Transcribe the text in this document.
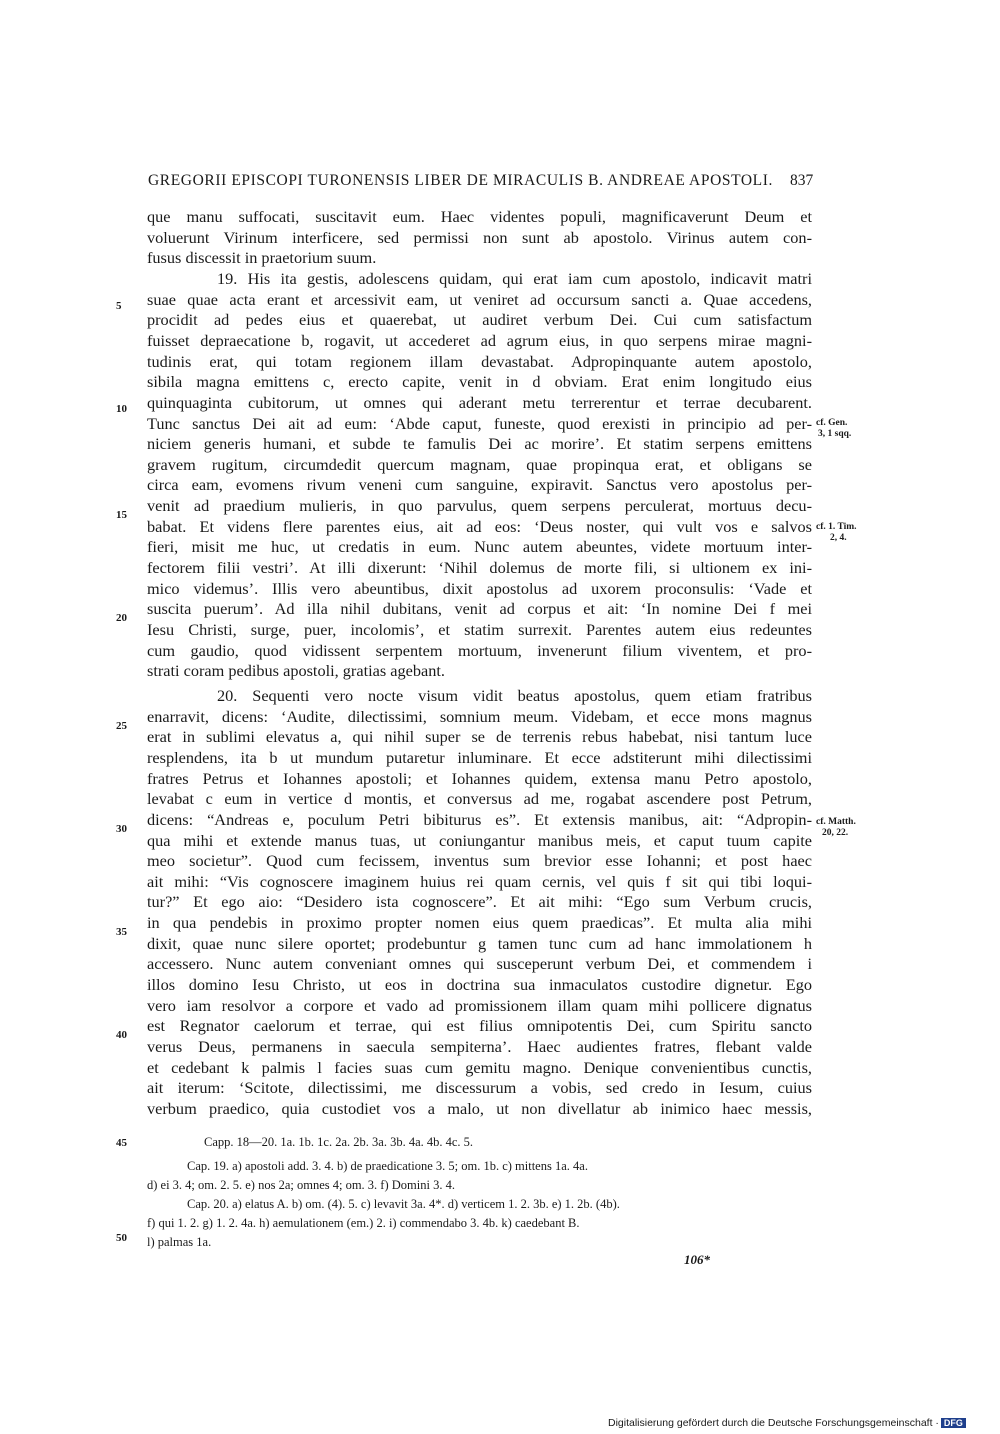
GREGORII EPISCOPI TURONENSIS LIBER DE MIRACULIS B. ANDREAE APOSTOLI. 837
que manu suffocati, suscitavit eum. Haec videntes populi, magnificaverunt Deum et
voluerunt Virinum interficere, sed permissi non sunt ab apostolo. Virinus autem con-
fusus discessit in praetorium suum.
19. His ita gestis, adolescens quidam, qui erat iam cum apostolo, indicavit matri
suae quae acta erant et arcessivit eam, ut veniret ad occursum sancti a. Quae accedens,
procidit ad pedes eius et quaerebat, ut audiret verbum Dei. Cui cum satisfactum
fuisset depraecatione b, rogavit, ut accederet ad agrum eius, in quo serpens mirae magni-
tudinis erat, qui totam regionem illam devastabat. Adpropinquante autem apostolo,
sibila magna emittens c, erecto capite, venit in d obviam. Erat enim longitudo eius
quinquaginta cubitorum, ut omnes qui aderant metu terrerentur et terrae decubarent.
Tunc sanctus Dei ait ad eum: ‘Abde caput, funeste, quod erexisti in principio ad per-
niciem generis humani, et subde te famulis Dei ac morire’. Et statim serpens emittens
gravem rugitum, circumdedit quercum magnam, quae propinqua erat, et obligans se
circa eam, evomens rivum veneni cum sanguine, expiravit. Sanctus vero apostolus per-
venit ad praedium mulieris, in quo parvulus, quem serpens perculerat, mortuus decu-
babat. Et videns flere parentes eius, ait ad eos: ‘Deus noster, qui vult vos e salvos
fieri, misit me huc, ut credatis in eum. Nunc autem abeuntes, videte mortuum inter-
fectorem filii vestri’. At illi dixerunt: ‘Nihil dolemus de morte fili, si ultionem ex ini-
mico videmus’. Illis vero abeuntibus, dixit apostolus ad uxorem proconsulis: ‘Vade et
suscita puerum’. Ad illa nihil dubitans, venit ad corpus et ait: ‘In nomine Dei f mei
Iesu Christi, surge, puer, incolomis’, et statim surrexit. Parentes autem eius redeuntes
cum gaudio, quod vidissent serpentem mortuum, invenerunt filium viventem, et pro-
strati coram pedibus apostoli, gratias agebant.
20. Sequenti vero nocte visum vidit beatus apostolus, quem etiam fratribus
enarravit, dicens: ‘Audite, dilectissimi, somnium meum. Videbam, et ecce mons magnus
erat in sublimi elevatus a, qui nihil super se de terrenis rebus habebat, nisi tantum luce
resplendens, ita b ut mundum putaretur inluminare. Et ecce adstiterunt mihi dilectissimi
fratres Petrus et Iohannes apostoli; et Iohannes quidem, extensa manu Petro apostolo,
levabat c eum in vertice d montis, et conversus ad me, rogabat ascendere post Petrum,
dicens: “Andreas e, poculum Petri bibiturus es”. Et extensis manibus, ait: “Adpropin-
qua mihi et extende manus tuas, ut coniungantur manibus meis, et caput tuum capite
meo societur”. Quod cum fecissem, inventus sum brevior esse Iohanni; et post haec
ait mihi: “Vis cognoscere imaginem huius rei quam cernis, vel quis f sit qui tibi loqui-
tur?” Et ego aio: “Desidero ista cognoscere”. Et ait mihi: “Ego sum Verbum crucis,
in qua pendebis in proximo propter nomen eius quem praedicas”. Et multa alia mihi
dixit, quae nunc silere oportet; prodebuntur g tamen tunc cum ad hanc immolationem h
accessero. Nunc autem conveniant omnes qui susceperunt verbum Dei, et commendem i
illos domino Iesu Christo, ut eos in doctrina sua inmaculatos custodire dignetur. Ego
vero iam resolvor a corpore et vado ad promissionem illam quam mihi pollicere dignatus
est Regnator caelorum et terrae, qui est filius omnipotentis Dei, cum Spiritu sancto
verus Deus, permanens in saecula sempiterna’. Haec audientes fratres, flebant valde
et cedebant k palmis l facies suas cum gemitu magno. Denique convenientibus cunctis,
ait iterum: ‘Scitote, dilectissimi, me discessurum a vobis, sed credo in Iesum, cuius
verbum praedico, quia custodiet vos a malo, ut non divellatur ab inimico haec messis,
5
10
15
20
25
30
35
40
45
50
cf. Gen.
3, 1 sqq.
cf. 1. Tim.
2, 4.
cf. Matth.
20, 22.
Capp. 18—20. 1a. 1b. 1c. 2a. 2b. 3a. 3b. 4a. 4b. 4c. 5.
Cap. 19. a) apostoli add. 3. 4. b) de praedicatione 3. 5; om. 1b. c) mittens 1a. 4a.
d) ei 3. 4; om. 2. 5. e) nos 2a; omnes 4; om. 3. f) Domini 3. 4.
Cap. 20. a) elatus A. b) om. (4). 5. c) levavit 3a. 4*. d) verticem 1. 2. 3b. e) 1. 2b. (4b).
f) qui 1. 2. g) 1. 2. 4a. h) aemulationem (em.) 2. i) commendabo 3. 4b. k) caedebant B.
l) palmas 1a.
106*
Digitalisierung gefördert durch die Deutsche Forschungsgemeinschaft · DFG
